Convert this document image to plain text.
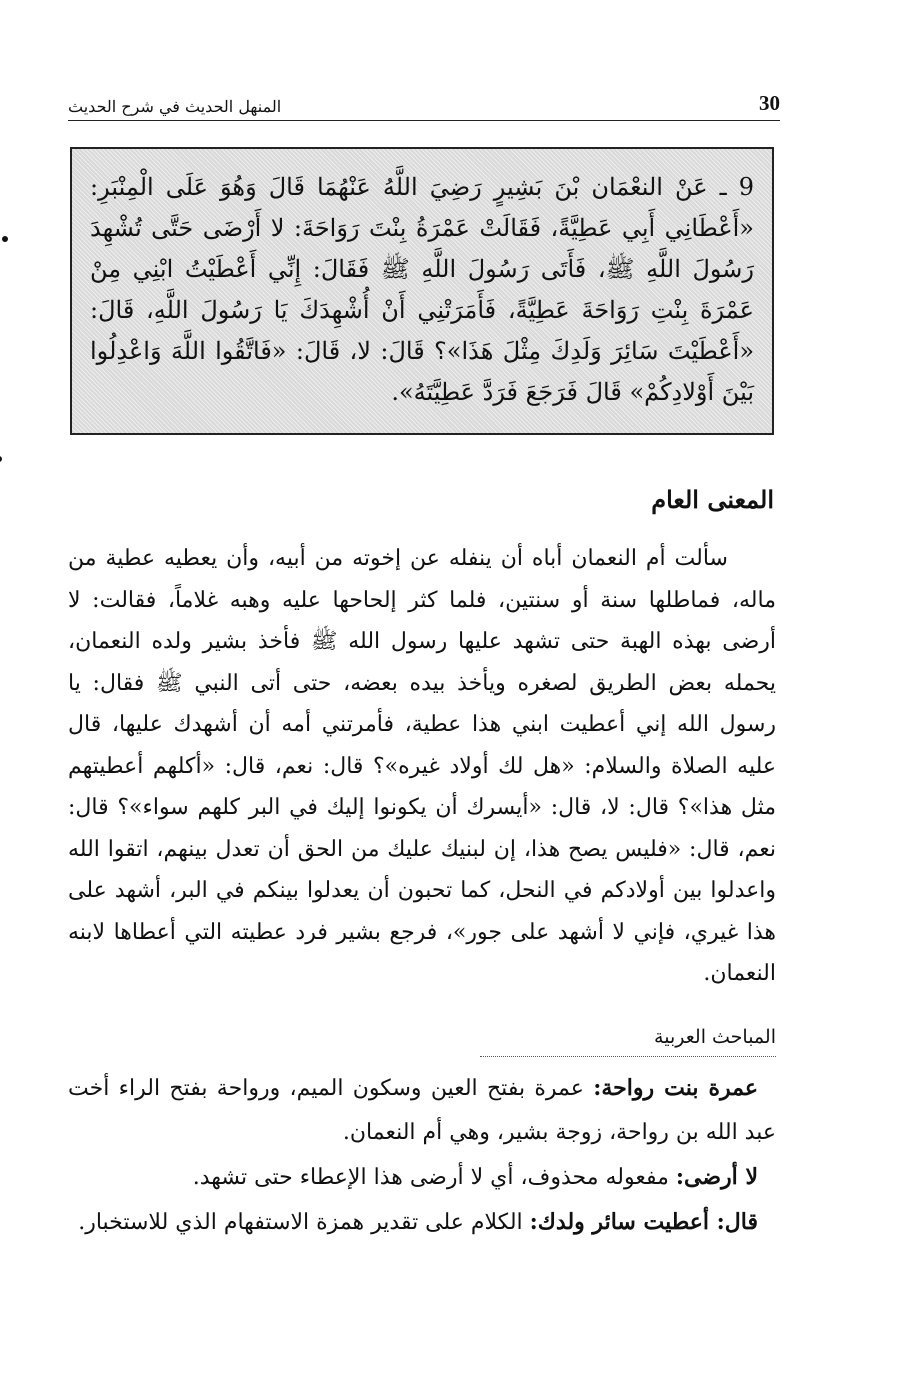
30
المنهل الحديث في شرح الحديث
9 ـ عَنْ النعْمَان بْنَ بَشِيرٍ رَضِيَ اللَّهُ عَنْهُمَا قَالَ وَهُوَ عَلَى الْمِنْبَرِ: «أَعْطَانِي أَبِي عَطِيَّةً، فَقَالَتْ عَمْرَةُ بِنْتَ رَوَاحَةَ: لا أَرْضَى حَتَّى تُشْهِدَ رَسُولَ اللَّهِ ﷺ، فَأَتَى رَسُولَ اللَّهِ ﷺ فَقَالَ: إِنِّي أَعْطَيْتُ ابْنِي مِنْ عَمْرَةَ بِنْتِ رَوَاحَةَ عَطِيَّةً، فَأَمَرَتْنِي أَنْ أُشْهِدَكَ يَا رَسُولَ اللَّهِ، قَالَ: «أَعْطَيْتَ سَائِرَ وَلَدِكَ مِثْلَ هَذَا»؟ قَالَ: لا، قَالَ: «فَاتَّقُوا اللَّهَ وَاعْدِلُوا بَيْنَ أَوْلادِكُمْ» قَالَ فَرَجَعَ فَرَدَّ عَطِيَّتَهُ».
المعنى العام

سألت أم النعمان أباه أن ينفله عن إخوته من أبيه، وأن يعطيه عطية من ماله، فماطلها سنة أو سنتين، فلما كثر إلحاحها عليه وهبه غلاماً، فقالت: لا أرضى بهذه الهبة حتى تشهد عليها رسول الله ﷺ فأخذ بشير ولده النعمان، يحمله بعض الطريق لصغره ويأخذ بيده بعضه، حتى أتى النبي ﷺ فقال: يا رسول الله إني أعطيت ابني هذا عطية، فأمرتني أمه أن أشهدك عليها، قال عليه الصلاة والسلام: «هل لك أولاد غيره»؟ قال: نعم، قال: «أكلهم أعطيتهم مثل هذا»؟ قال: لا، قال: «أيسرك أن يكونوا إليك في البر كلهم سواء»؟ قال: نعم، قال: «فليس يصح هذا، إن لبنيك عليك من الحق أن تعدل بينهم، اتقوا الله واعدلوا بين أولادكم في النحل، كما تحبون أن يعدلوا بينكم في البر، أشهد على هذا غيري، فإني لا أشهد على جور»، فرجع بشير فرد عطيته التي أعطاها لابنه النعمان.

المباحث العربية

عمرة بنت رواحة: عمرة بفتح العين وسكون الميم، ورواحة بفتح الراء أخت عبد الله بن رواحة، زوجة بشير، وهي أم النعمان.

لا أرضى: مفعوله محذوف، أي لا أرضى هذا الإعطاء حتى تشهد.

قال: أعطيت سائر ولدك: الكلام على تقدير همزة الاستفهام الذي للاستخبار.
